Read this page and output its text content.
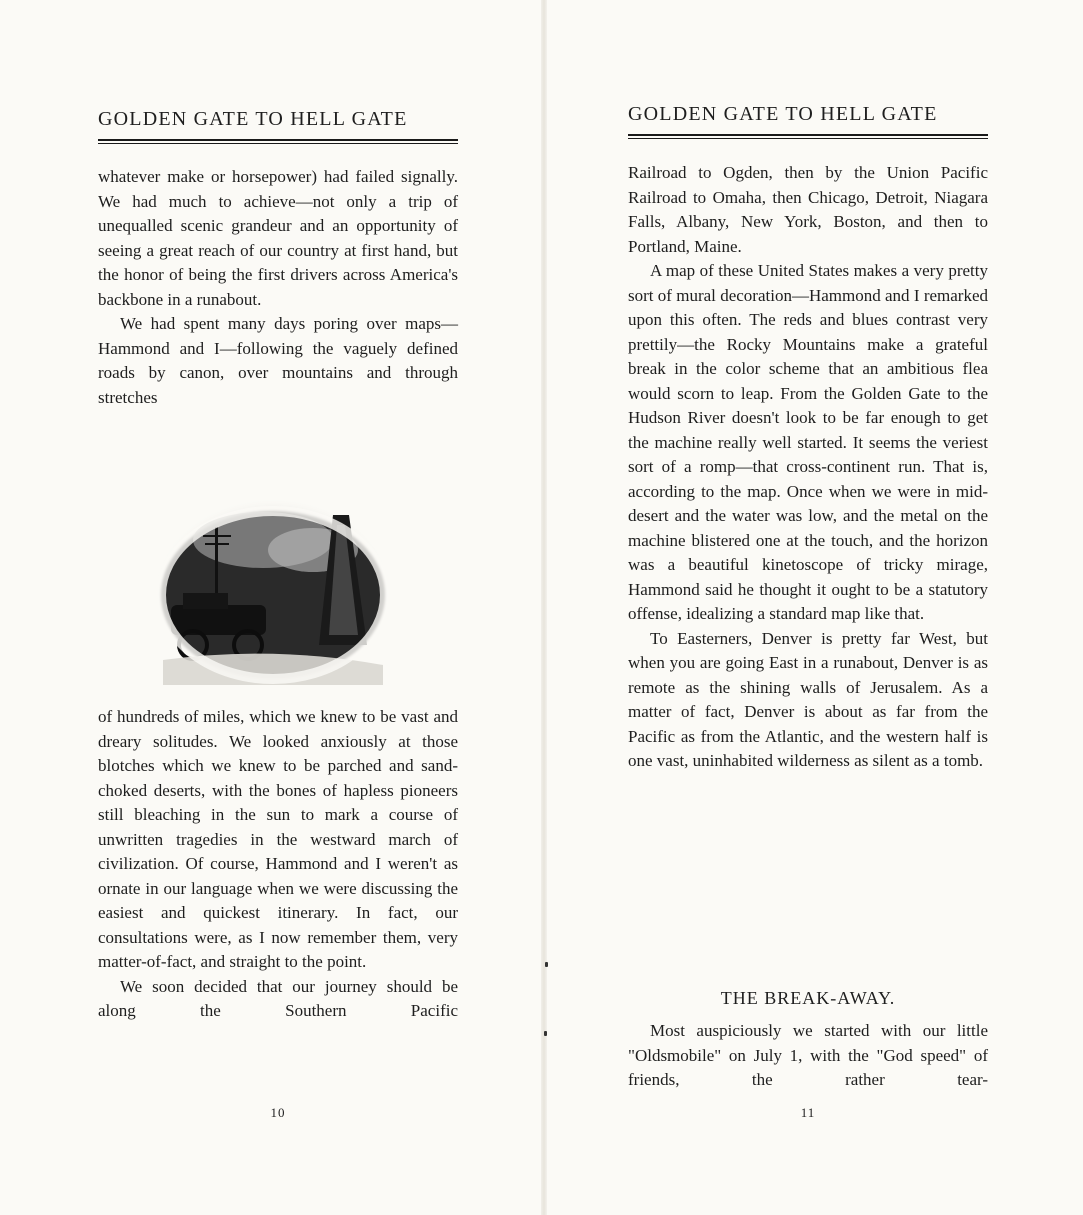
GOLDEN GATE TO HELL GATE

whatever make or horsepower) had failed signally. We had much to achieve—not only a trip of unequalled scenic grandeur and an opportunity of seeing a great reach of our country at first hand, but the honor of being the first drivers across America's backbone in a runabout.

We had spent many days poring over maps—Hammond and I—following the vaguely defined roads by canon, over mountains and through stretches

of hundreds of miles, which we knew to be vast and dreary solitudes. We looked anxiously at those blotches which we knew to be parched and sand-choked deserts, with the bones of hapless pioneers still bleaching in the sun to mark a course of unwritten tragedies in the westward march of civilization. Of course, Hammond and I weren't as ornate in our language when we were discussing the easiest and quickest itinerary. In fact, our consultations were, as I now remember them, very matter-of-fact, and straight to the point.

We soon decided that our journey should be along the Southern Pacific

10
GOLDEN GATE TO HELL GATE

Railroad to Ogden, then by the Union Pacific Railroad to Omaha, then Chicago, Detroit, Niagara Falls, Albany, New York, Boston, and then to Portland, Maine.

A map of these United States makes a very pretty sort of mural decoration—Hammond and I remarked upon this often. The reds and blues contrast very prettily—the Rocky Mountains make a grateful break in the color scheme that an ambitious flea would scorn to leap. From the Golden Gate to the Hudson River doesn't look to be far enough to get the machine really well started. It seems the veriest sort of a romp—that cross-continent run. That is, according to the map. Once when we were in mid-desert and the water was low, and the metal on the machine blistered one at the touch, and the horizon was a beautiful kinetoscope of tricky mirage, Hammond said he thought it ought to be a statutory offense, idealizing a standard map like that.

To Easterners, Denver is pretty far West, but when you are going East in a runabout, Denver is as remote as the shining walls of Jerusalem. As a matter of fact, Denver is about as far from the Pacific as from the Atlantic, and the western half is one vast, uninhabited wilderness as silent as a tomb.

THE BREAK-AWAY.

Most auspiciously we started with our little "Oldsmobile" on July 1, with the "God speed" of friends, the rather tear-

11
